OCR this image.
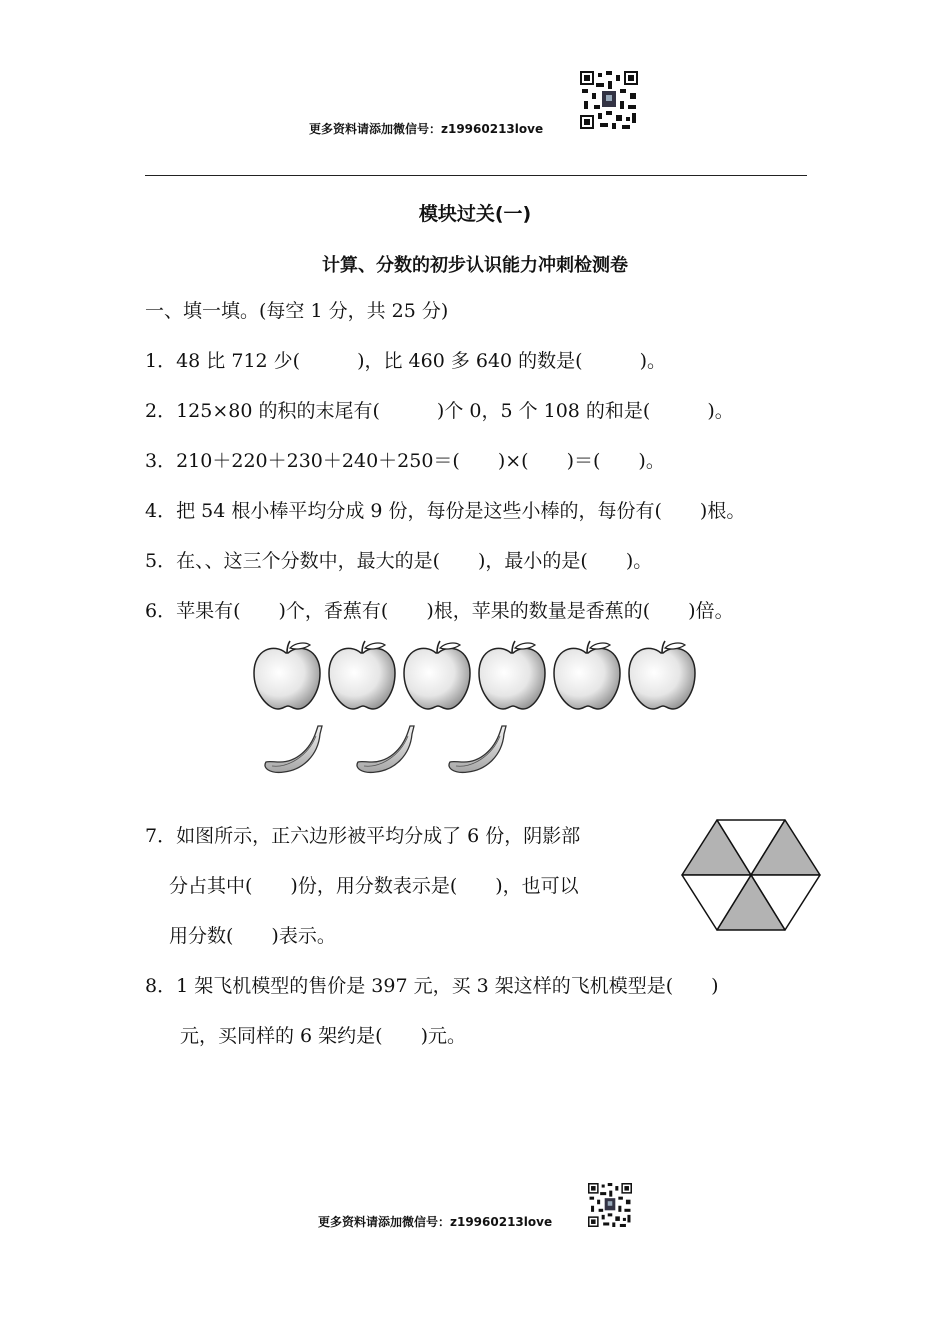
更多资料请添加微信号：z19960213love
模块过关(一)
计算、分数的初步认识能力冲刺检测卷
一、填一填。(每空 1 分，共 25 分)
1．48 比 712 少(　　　)，比 460 多 640 的数是(　　　)。
2．125×80 的积的末尾有(　　　)个 0，5 个 108 的和是(　　　)。
3．210＋220＋230＋240＋250＝(　　)×(　　)＝(　　)。
4．把 54 根小棒平均分成 9 份，每份是这些小棒的，每份有(　　)根。
5．在、、这三个分数中，最大的是(　　)，最小的是(　　)。
6．苹果有(　　)个，香蕉有(　　)根，苹果的数量是香蕉的(　　)倍。
7．如图所示，正六边形被平均分成了 6 份，阴影部
分占其中(　　)份，用分数表示是(　　)，也可以
用分数(　　)表示。
8．1 架飞机模型的售价是 397 元，买 3 架这样的飞机模型是(　　)
元，买同样的 6 架约是(　　)元。
更多资料请添加微信号：z19960213love
